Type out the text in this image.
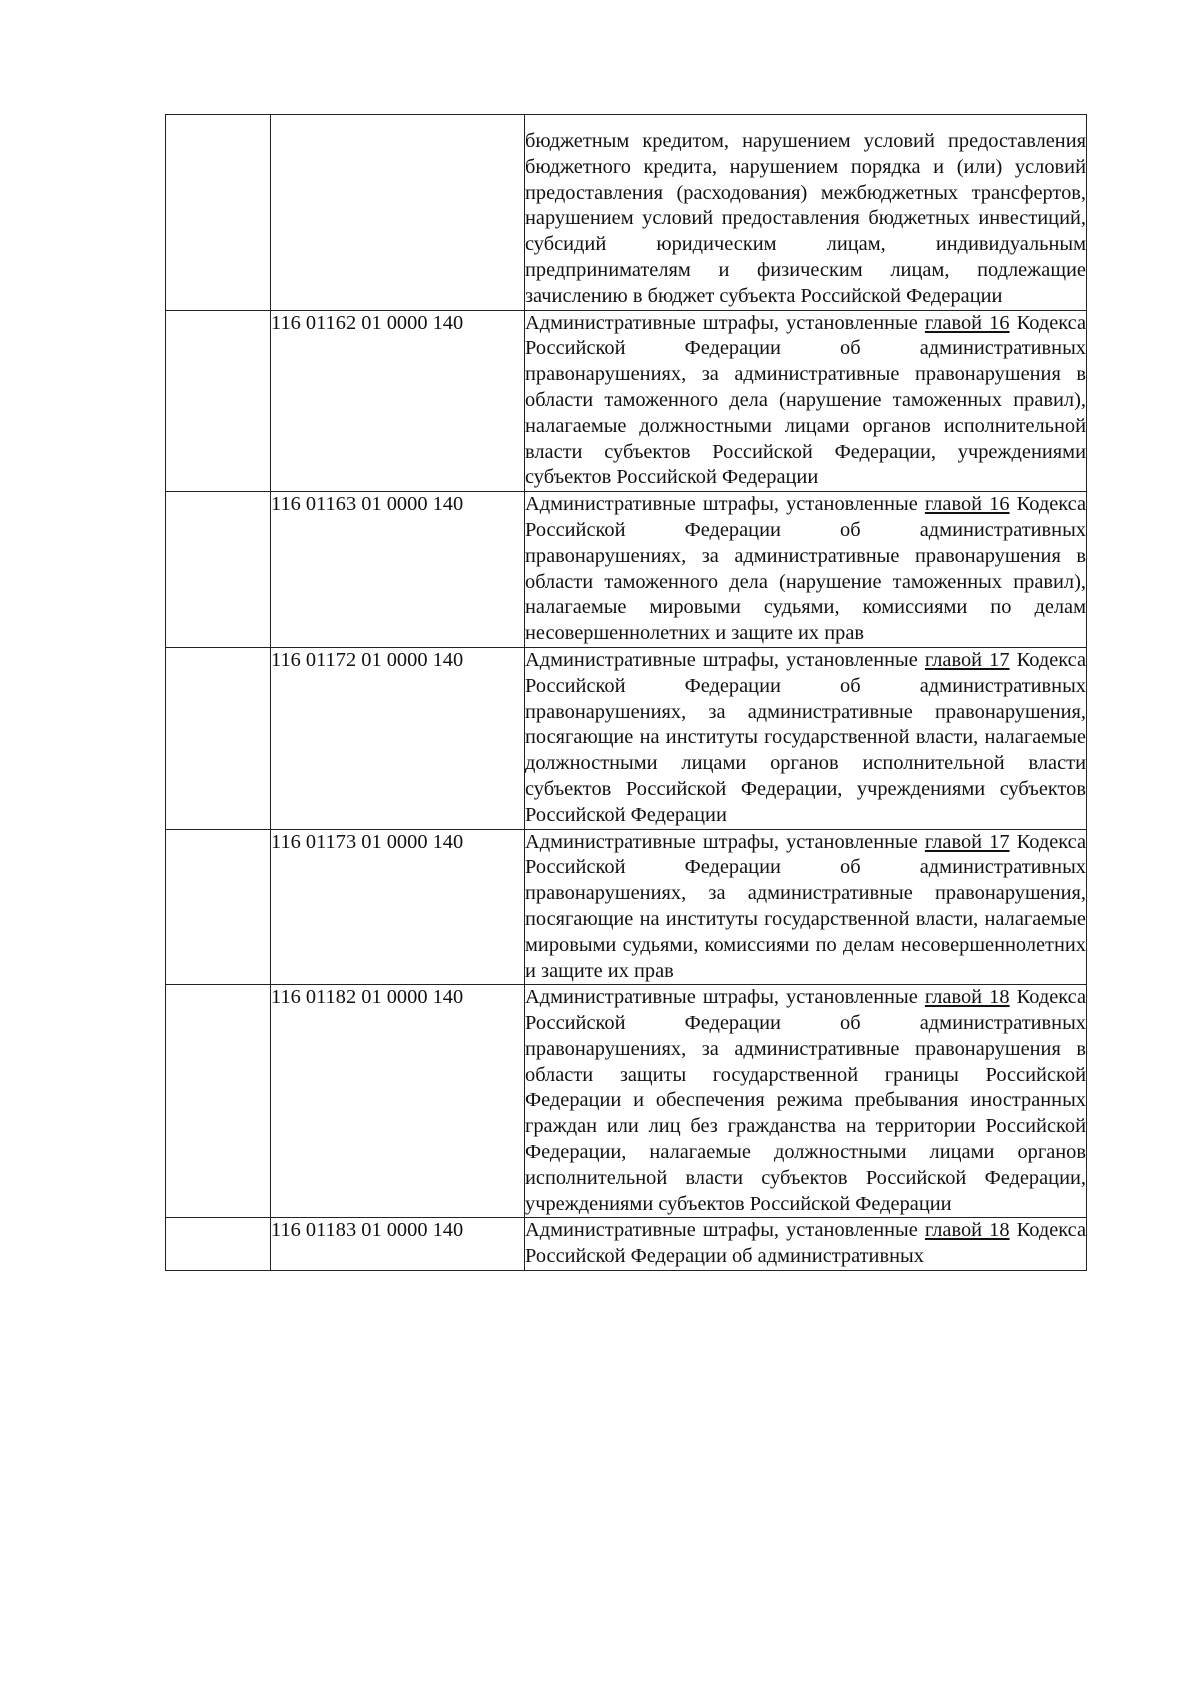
		бюджетным кредитом, нарушением условий предоставления бюджетного кредита, нарушением порядка и (или) условий предоставления (расходования) межбюджетных трансфертов, нарушением условий предоставления бюджетных инвестиций, субсидий юридическим лицам, индивидуальным предпринимателям и физическим лицам, подлежащие зачислению в бюджет субъекта Российской Федерации
	116 01162 01 0000 140	Административные штрафы, установленные главой 16 Кодекса Российской Федерации об административных правонарушениях, за административные правонарушения в области таможенного дела (нарушение таможенных правил), налагаемые должностными лицами органов исполнительной власти субъектов Российской Федерации, учреждениями субъектов Российской Федерации
	116 01163 01 0000 140	Административные штрафы, установленные главой 16 Кодекса Российской Федерации об административных правонарушениях, за административные правонарушения в области таможенного дела (нарушение таможенных правил), налагаемые мировыми судьями, комиссиями по делам несовершеннолетних и защите их прав
	116 01172 01 0000 140	Административные штрафы, установленные главой 17 Кодекса Российской Федерации об административных правонарушениях, за административные правонарушения, посягающие на институты государственной власти, налагаемые должностными лицами органов исполнительной власти субъектов Российской Федерации, учреждениями субъектов Российской Федерации
	116 01173 01 0000 140	Административные штрафы, установленные главой 17 Кодекса Российской Федерации об административных правонарушениях, за административные правонарушения, посягающие на институты государственной власти, налагаемые мировыми судьями, комиссиями по делам несовершеннолетних и защите их прав
	116 01182 01 0000 140	Административные штрафы, установленные главой 18 Кодекса Российской Федерации об административных правонарушениях, за административные правонарушения в области защиты государственной границы Российской Федерации и обеспечения режима пребывания иностранных граждан или лиц без гражданства на территории Российской Федерации, налагаемые должностными лицами органов исполнительной власти субъектов Российской Федерации, учреждениями субъектов Российской Федерации
	116 01183 01 0000 140	Административные штрафы, установленные главой 18 Кодекса Российской Федерации об административных
